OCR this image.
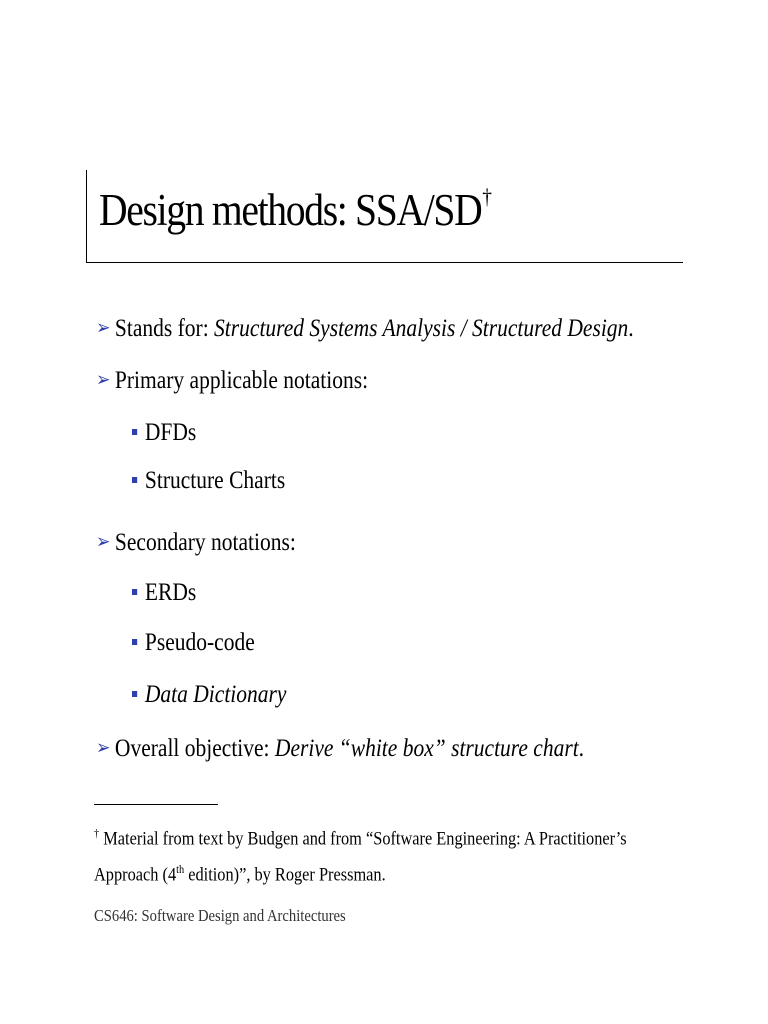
Design methods: SSA/SD†
➢ Stands for: Structured Systems Analysis / Structured Design.
➢ Primary applicable notations:
DFDs
Structure Charts
➢ Secondary notations:
ERDs
Pseudo-code
Data Dictionary
➢ Overall objective: Derive “white box” structure chart.
† Material from text by Budgen and from “Software Engineering: A Practitioner’s
Approach (4th edition)”, by Roger Pressman.
CS646: Software Design and Architectures
